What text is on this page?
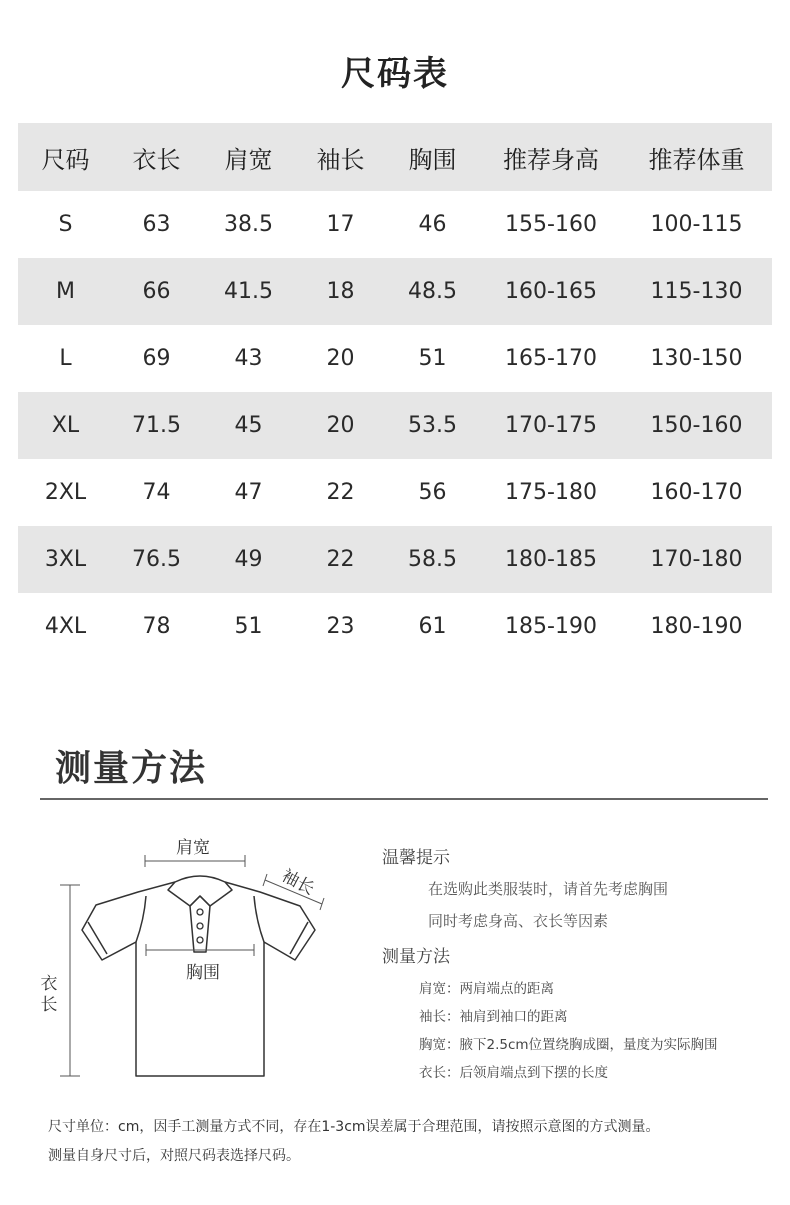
尺码表
尺码	衣长	肩宽	袖长	胸围	推荐身高	推荐体重
S	63	38.5	17	46	155-160	100-115
M	66	41.5	18	48.5	160-165	115-130
L	69	43	20	51	165-170	130-150
XL	71.5	45	20	53.5	170-175	150-160
2XL	74	47	22	56	175-180	160-170
3XL	76.5	49	22	58.5	180-185	170-180
4XL	78	51	23	61	185-190	180-190
测量方法
肩宽
袖长
胸围
衣长
温馨提示
在选购此类服装时，请首先考虑胸围
同时考虑身高、衣长等因素
测量方法
肩宽：两肩端点的距离
袖长：袖肩到袖口的距离
胸宽：腋下2.5cm位置绕胸成圈，量度为实际胸围
衣长：后领肩端点到下摆的长度
尺寸单位：cm，因手工测量方式不同，存在1-3cm误差属于合理范围，请按照示意图的方式测量。
测量自身尺寸后，对照尺码表选择尺码。
